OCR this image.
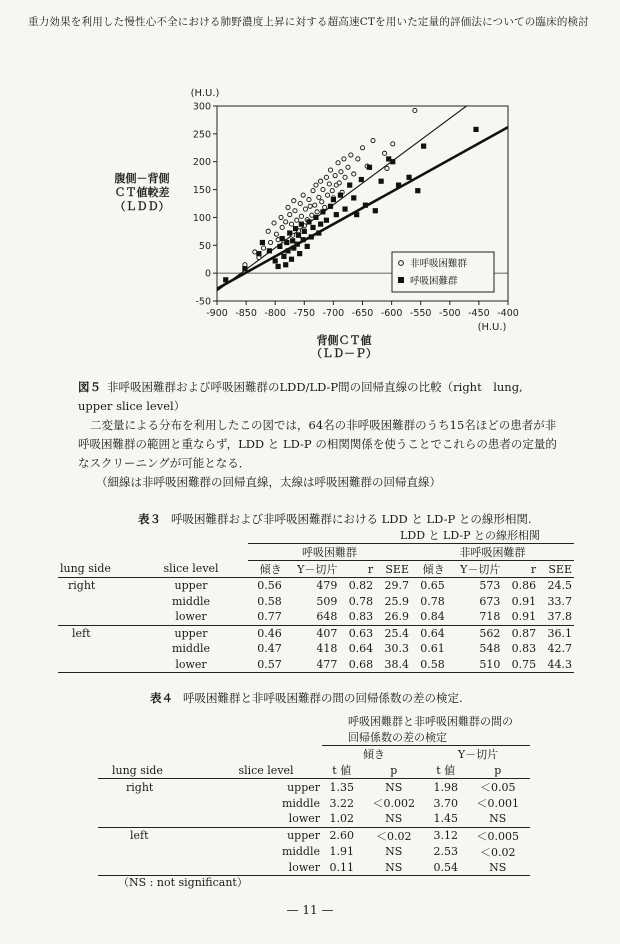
重力効果を利用した慢性心不全における肺野濃度上昇に対する超高速CTを用いた定量的評価法についての臨床的検討
-50
0
50
100
150
200
250
300
-900 -850 -800 -750 -700 -650 -600 -550 -500 -450 -400
(H.U.)
(H.U.)
腹側－背側
ＣＴ値較差
（ＬＤＤ）
背側ＣＴ値
（ＬＤ－Ｐ）
非呼吸困難群
呼吸困難群
図５ 非呼吸困難群および呼吸困難群のLDD/LD-P間の回帰直線の比較（right　lung, upper slice level）
二変量による分布を利用したこの図では，64名の非呼吸困難群のうち15名ほどの患者が非呼吸困難群の範囲と重ならず，LDD と LD-P の相関関係を使うことでこれらの患者の定量的なスクリーニングが可能となる．
（細線は非呼吸困難群の回帰直線，太線は呼吸困難群の回帰直線）
表３ 呼吸困難群および非呼吸困難群における LDD と LD-P との線形相関.
		LDD と LD-P との線形相関							
		呼吸困難群				非呼吸困難群			
lung side	slice level	傾き	Y－切片	r	SEE	傾き	Y－切片	r	SEE
right	upper	0.56	479	0.82	29.7	0.65	573	0.86	24.5
	middle	0.58	509	0.78	25.9	0.78	673	0.91	33.7
	lower	0.77	648	0.83	26.9	0.84	718	0.91	37.8
left	upper	0.46	407	0.63	25.4	0.64	562	0.87	36.1
	middle	0.47	418	0.64	30.3	0.61	548	0.83	42.7
	lower	0.57	477	0.68	38.4	0.58	510	0.75	44.3
表４ 呼吸困難群と非呼吸困難群の間の回帰係数の差の検定.
		呼吸困難群と非呼吸困難群の間の			
		回帰係数の差の検定			
		傾き		Y－切片	
lung side	slice level	t 値	p	t 値	p
right	upper	1.35	NS	1.98	＜0.05
	middle	3.22	＜0.002	3.70	＜0.001
	lower	1.02	NS	1.45	NS
left	upper	2.60	＜0.02	3.12	＜0.005
	middle	1.91	NS	2.53	＜0.02
	lower	0.11	NS	0.54	NS
（NS : not significant）
— 11 —
